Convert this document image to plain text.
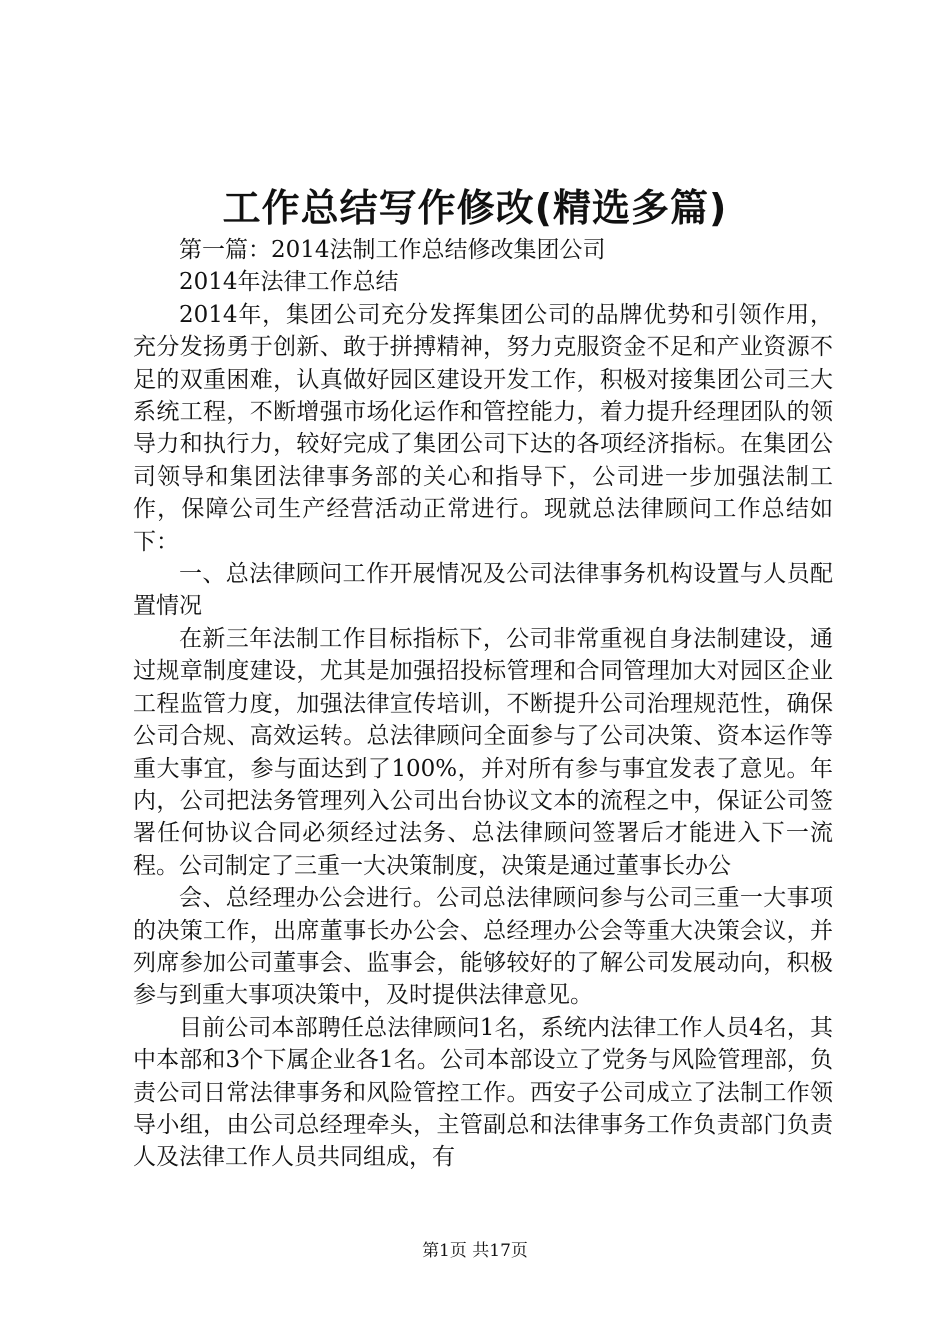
工作总结写作修改(精选多篇)

第一篇：2014法制工作总结修改集团公司

2014年法律工作总结

2014年，集团公司充分发挥集团公司的品牌优势和引领作用，充分发扬勇于创新、敢于拼搏精神，努力克服资金不足和产业资源不足的双重困难，认真做好园区建设开发工作，积极对接集团公司三大系统工程，不断增强市场化运作和管控能力，着力提升经理团队的领导力和执行力，较好完成了集团公司下达的各项经济指标。在集团公司领导和集团法律事务部的关心和指导下，公司进一步加强法制工作，保障公司生产经营活动正常进行。现就总法律顾问工作总结如下：

一、总法律顾问工作开展情况及公司法律事务机构设置与人员配置情况

在新三年法制工作目标指标下，公司非常重视自身法制建设，通过规章制度建设，尤其是加强招投标管理和合同管理加大对园区企业工程监管力度，加强法律宣传培训，不断提升公司治理规范性，确保公司合规、高效运转。总法律顾问全面参与了公司决策、资本运作等重大事宜，参与面达到了100%，并对所有参与事宜发表了意见。年内，公司把法务管理列入公司出台协议文本的流程之中，保证公司签署任何协议合同必须经过法务、总法律顾问签署后才能进入下一流程。公司制定了三重一大决策制度，决策是通过董事长办公

会、总经理办公会进行。公司总法律顾问参与公司三重一大事项的决策工作，出席董事长办公会、总经理办公会等重大决策会议，并列席参加公司董事会、监事会，能够较好的了解公司发展动向，积极参与到重大事项决策中，及时提供法律意见。

目前公司本部聘任总法律顾问1名，系统内法律工作人员4名，其中本部和3个下属企业各1名。公司本部设立了党务与风险管理部，负责公司日常法律事务和风险管控工作。西安子公司成立了法制工作领导小组，由公司总经理牵头，主管副总和法律事务工作负责部门负责人及法律工作人员共同组成，有

第1页 共17页
